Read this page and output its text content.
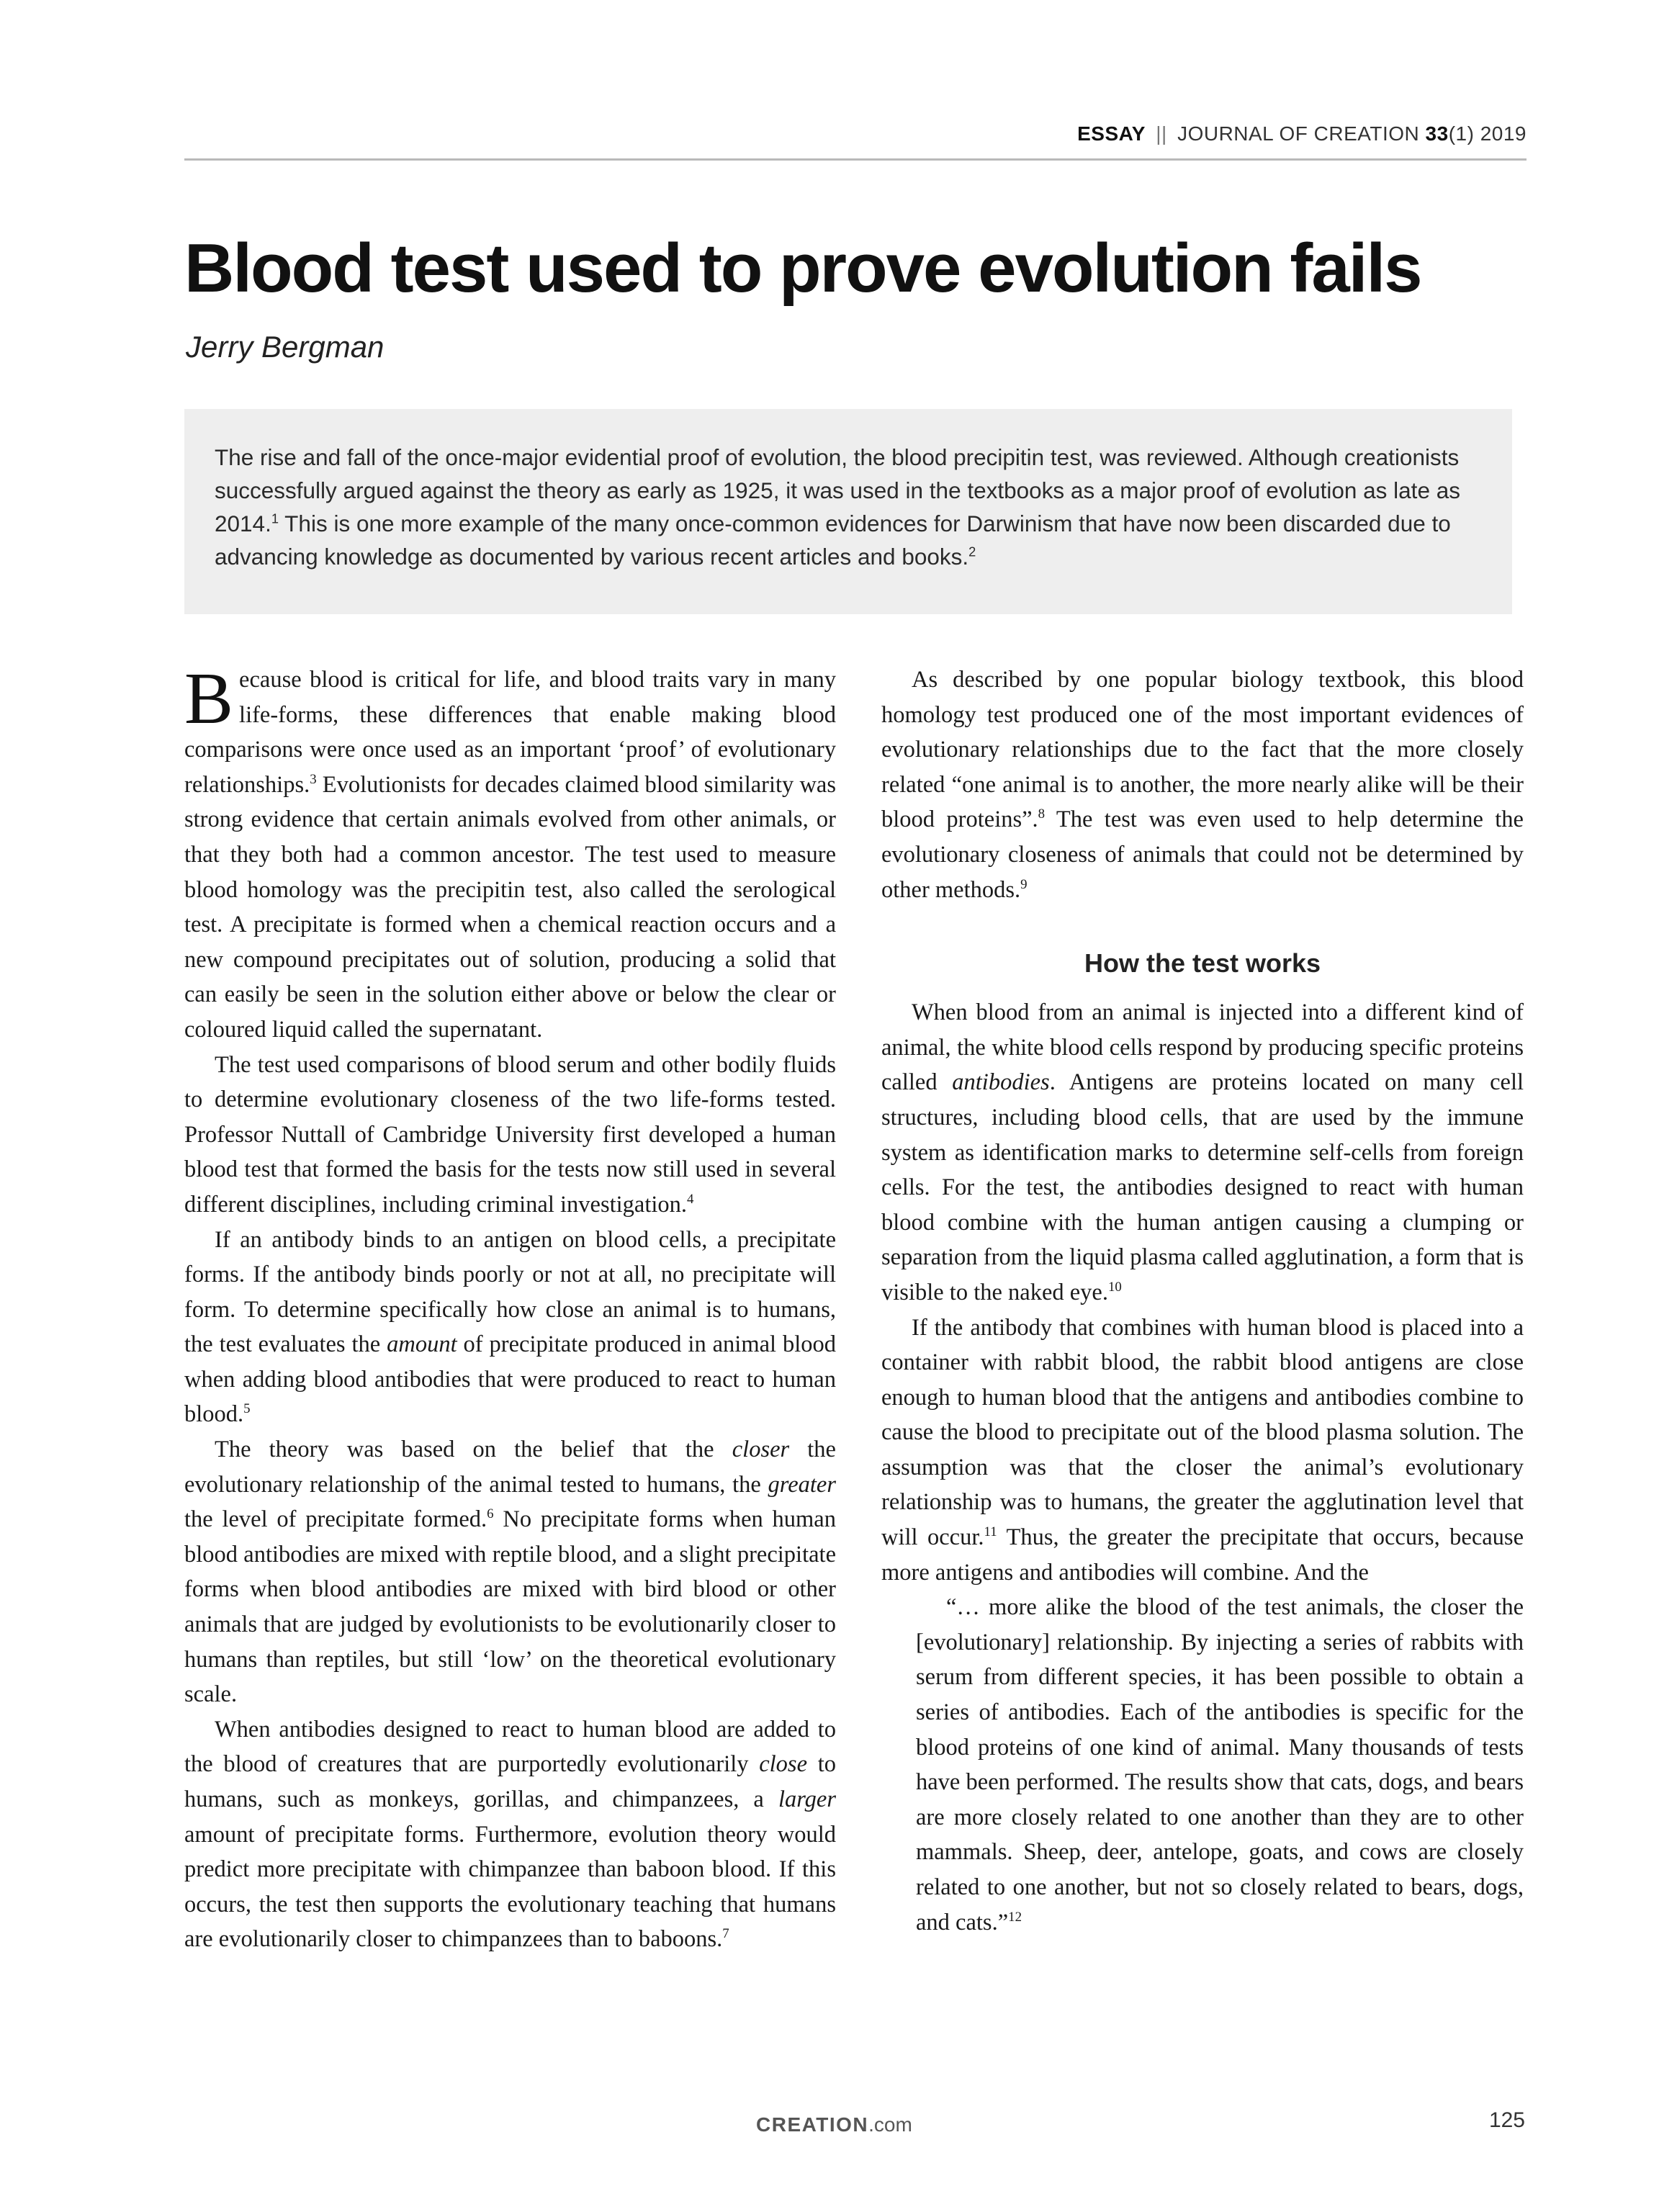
ESSAY || JOURNAL OF CREATION 33(1) 2019
Blood test used to prove evolution fails
Jerry Bergman

The rise and fall of the once-major evidential proof of evolution, the blood precipitin test, was reviewed. Although creationists successfully argued against the theory as early as 1925, it was used in the textbooks as a major proof of evolution as late as 2014.$^1$ This is one more example of the many once-common evidences for Darwinism that have now been discarded due to advancing knowledge as documented by various recent articles and books.$^2$

Because blood is critical for life, and blood traits vary in many life-forms, these differences that enable making blood comparisons were once used as an important ‘proof’ of evolutionary relationships.$^3$ Evolutionists for decades claimed blood similarity was strong evidence that certain animals evolved from other animals, or that they both had a common ancestor. The test used to measure blood homology was the precipitin test, also called the serological test. A precipitate is formed when a chemical reaction occurs and a new compound precipitates out of solution, producing a solid that can easily be seen in the solution either above or below the clear or coloured liquid called the supernatant.

The test used comparisons of blood serum and other bodily fluids to determine evolutionary closeness of the two life-forms tested. Professor Nuttall of Cambridge University first developed a human blood test that formed the basis for the tests now still used in several different disciplines, including criminal investigation.$^4$

If an antibody binds to an antigen on blood cells, a precipitate forms. If the antibody binds poorly or not at all, no precipitate will form. To determine specifically how close an animal is to humans, the test evaluates the amount of precipitate produced in animal blood when adding blood antibodies that were produced to react to human blood.$^5$

The theory was based on the belief that the closer the evolutionary relationship of the animal tested to humans, the greater the level of precipitate formed.$^6$ No precipitate forms when human blood antibodies are mixed with reptile blood, and a slight precipitate forms when blood antibodies are mixed with bird blood or other animals that are judged by evolutionists to be evolutionarily closer to humans than reptiles, but still ‘low’ on the theoretical evolutionary scale.

When antibodies designed to react to human blood are added to the blood of creatures that are purportedly evolutionarily close to humans, such as monkeys, gorillas, and chimpanzees, a larger amount of precipitate forms. Furthermore, evolution theory would predict more precipitate with chimpanzee than baboon blood. If this occurs, the test then supports the evolutionary teaching that humans are evolutionarily closer to chimpanzees than to baboons.$^7$

As described by one popular biology textbook, this blood homology test produced one of the most important evidences of evolutionary relationships due to the fact that the more closely related “one animal is to another, the more nearly alike will be their blood proteins”.$^8$ The test was even used to help determine the evolutionary closeness of animals that could not be determined by other methods.$^9$

How the test works

When blood from an animal is injected into a different kind of animal, the white blood cells respond by producing specific proteins called antibodies. Antigens are proteins located on many cell structures, including blood cells, that are used by the immune system as identification marks to determine self-cells from foreign cells. For the test, the antibodies designed to react with human blood combine with the human antigen causing a clumping or separation from the liquid plasma called agglutination, a form that is visible to the naked eye.$^{10}$

If the antibody that combines with human blood is placed into a container with rabbit blood, the rabbit blood antigens are close enough to human blood that the antigens and antibodies combine to cause the blood to precipitate out of the blood plasma solution. The assumption was that the closer the animal’s evolutionary relationship was to humans, the greater the agglutination level that will occur.$^{11}$ Thus, the greater the precipitate that occurs, because more antigens and antibodies will combine. And the

“… more alike the blood of the test animals, the closer the [evolutionary] relationship. By injecting a series of rabbits with serum from different species, it has been possible to obtain a series of antibodies. Each of the antibodies is specific for the blood proteins of one kind of animal. Many thousands of tests have been performed. The results show that cats, dogs, and bears are more closely related to one another than they are to other mammals. Sheep, deer, antelope, goats, and cows are closely related to one another, but not so closely related to bears, dogs, and cats.”$^{12}$

CREATION.com	125
